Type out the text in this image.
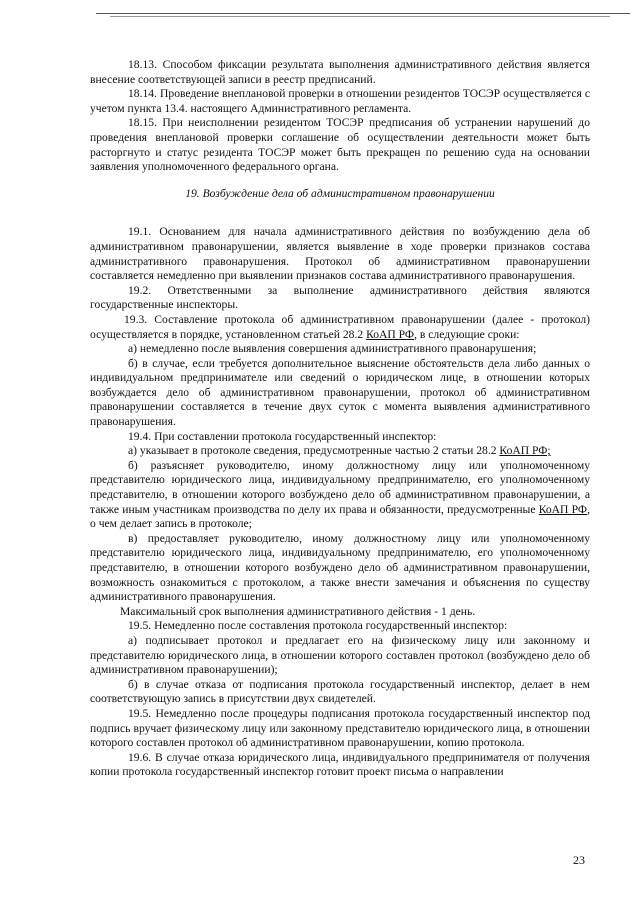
18.13. Способом фиксации результата выполнения административного действия является внесение соответствующей записи в реестр предписаний.

18.14. Проведение внеплановой проверки в отношении резидентов ТОСЭР осуществляется с учетом пункта 13.4. настоящего Административного регламента.

18.15. При неисполнении резидентом ТОСЭР предписания об устранении нарушений до проведения внеплановой проверки соглашение об осуществлении деятельности может быть расторгнуто и статус резидента ТОСЭР может быть прекращен по решению суда на основании заявления уполномоченного федерального органа.

19. Возбуждение дела об административном правонарушении

19.1. Основанием для начала административного действия по возбуждению дела об административном правонарушении, является выявление в ходе проверки признаков состава административного правонарушения. Протокол об административном правонарушении составляется немедленно при выявлении признаков состава административного правонарушения.

19.2. Ответственными за выполнение административного действия являются государственные инспекторы.

19.3. Составление протокола об административном правонарушении (далее - протокол) осуществляется в порядке, установленном статьей 28.2 КоАП РФ, в следующие сроки:

а) немедленно после выявления совершения административного правонарушения;

б) в случае, если требуется дополнительное выяснение обстоятельств дела либо данных о индивидуальном предпринимателе или сведений о юридическом лице, в отношении которых возбуждается дело об административном правонарушении, протокол об административном правонарушении составляется в течение двух суток с момента выявления административного правонарушения.

19.4. При составлении протокола государственный инспектор:

а) указывает в протоколе сведения, предусмотренные частью 2 статьи 28.2 КоАП РФ;

б) разъясняет руководителю, иному должностному лицу или уполномоченному представителю юридического лица, индивидуальному предпринимателю, его уполномоченному представителю, в отношении которого возбуждено дело об административном правонарушении, а также иным участникам производства по делу их права и обязанности, предусмотренные КоАП РФ, о чем делает запись в протоколе;

в) предоставляет руководителю, иному должностному лицу или уполномоченному представителю юридического лица, индивидуальному предпринимателю, его уполномоченному представителю, в отношении которого возбуждено дело об административном правонарушении, возможность ознакомиться с протоколом, а также внести замечания и объяснения по существу административного правонарушения.

Максимальный срок выполнения административного действия - 1 день.

19.5. Немедленно после составления протокола государственный инспектор:

а) подписывает протокол и предлагает его на физическому лицу или законному и представителю юридического лица, в отношении которого составлен протокол (возбуждено дело об административном правонарушении);

б) в случае отказа от подписания протокола государственный инспектор, делает в нем соответствующую запись в присутствии двух свидетелей.

19.5. Немедленно после процедуры подписания протокола государственный инспектор под подпись вручает физическому лицу или законному представителю юридического лица, в отношении которого составлен протокол об административном правонарушении, копию протокола.

19.6. В случае отказа юридического лица, индивидуального предпринимателя от получения копии протокола государственный инспектор готовит проект письма о направлении

23
